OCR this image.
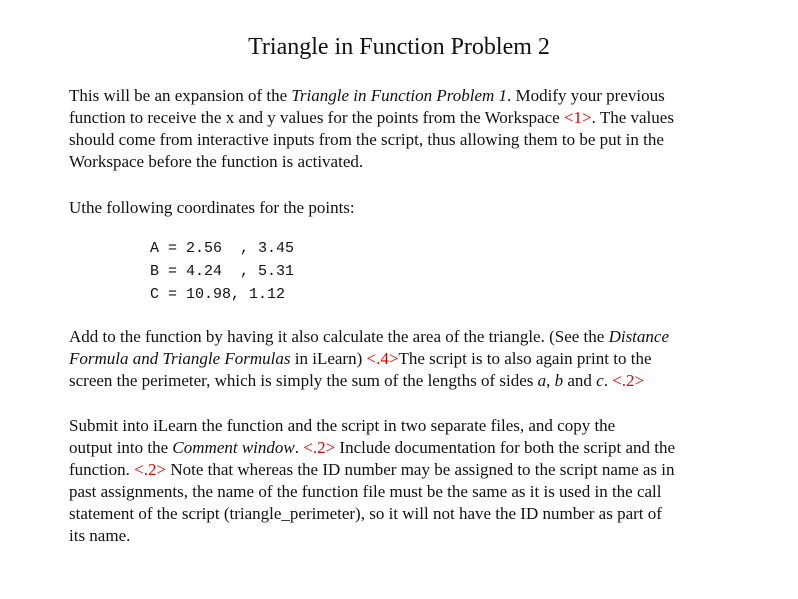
Triangle in Function Problem 2

This will be an expansion of the Triangle in Function Problem 1. Modify your previous
function to receive the x and y values for the points from the Workspace <1>. The values
should come from interactive inputs from the script, thus allowing them to be put in the
Workspace before the function is activated.

Uthe following coordinates for the points:

A = 2.56  , 3.45
B = 4.24  , 5.31
C = 10.98, 1.12

Add to the function by having it also calculate the area of the triangle. (See the Distance
Formula and Triangle Formulas in iLearn) <.4>The script is to also again print to the
screen the perimeter, which is simply the sum of the lengths of sides a, b and c. <.2>

Submit into iLearn the function and the script in two separate files, and copy the
output into the Comment window. <.2> Include documentation for both the script and the
function. <.2> Note that whereas the ID number may be assigned to the script name as in
past assignments, the name of the function file must be the same as it is used in the call
statement of the script (triangle_perimeter), so it will not have the ID number as part of
its name.
